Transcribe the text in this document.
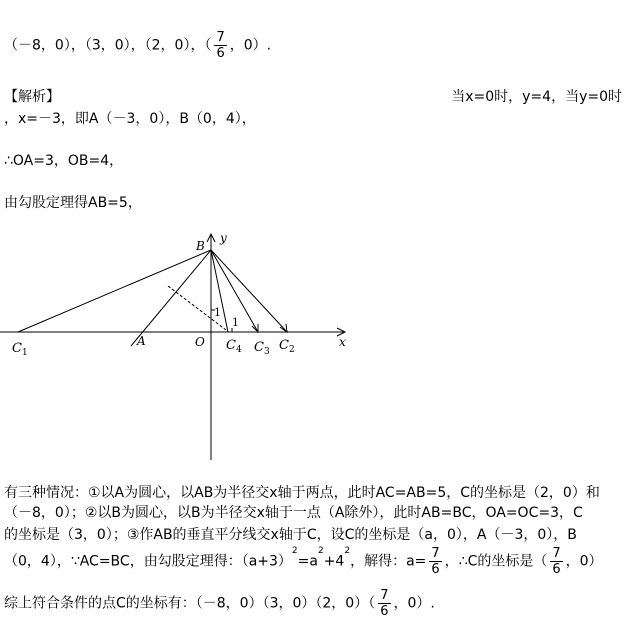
（－8，0），（3，0），（2，0），（ $\frac{7}{6}$ ，0）.
【解析】	当x=0时，y=4，当y=0时
，x=－3，即A（－3，0），B（0，4），
∴OA=3，OB=4，
由勾股定理得AB=5，
B
y
1
1
$C_1$
A	O $C_4$ $C_3$ $C_2$
x
有三种情况：①以A为圆心，以AB为半径交x轴于两点，此时AC=AB=5，C的坐标是（2，0）和
（－8，0）；②以B为圆心，以B为半径交x轴于一点（A除外），此时AB=BC，OA=OC=3，C
的坐标是（3，0）；③作AB的垂直平分线交x轴于C，设C的坐标是（a，0），A（－3，0），B
（0，4），∵AC=BC，由勾股定理得：$(a+3)^2=a^2+4^2$，解得：$a= \frac{7}{6}$ ，∴C的坐标是（ $\frac{7}{6}$ ，0）
综上符合条件的点C的坐标有：（－8，0）（3，0）（2，$0)( \frac{7}{6}$ ，0）.
